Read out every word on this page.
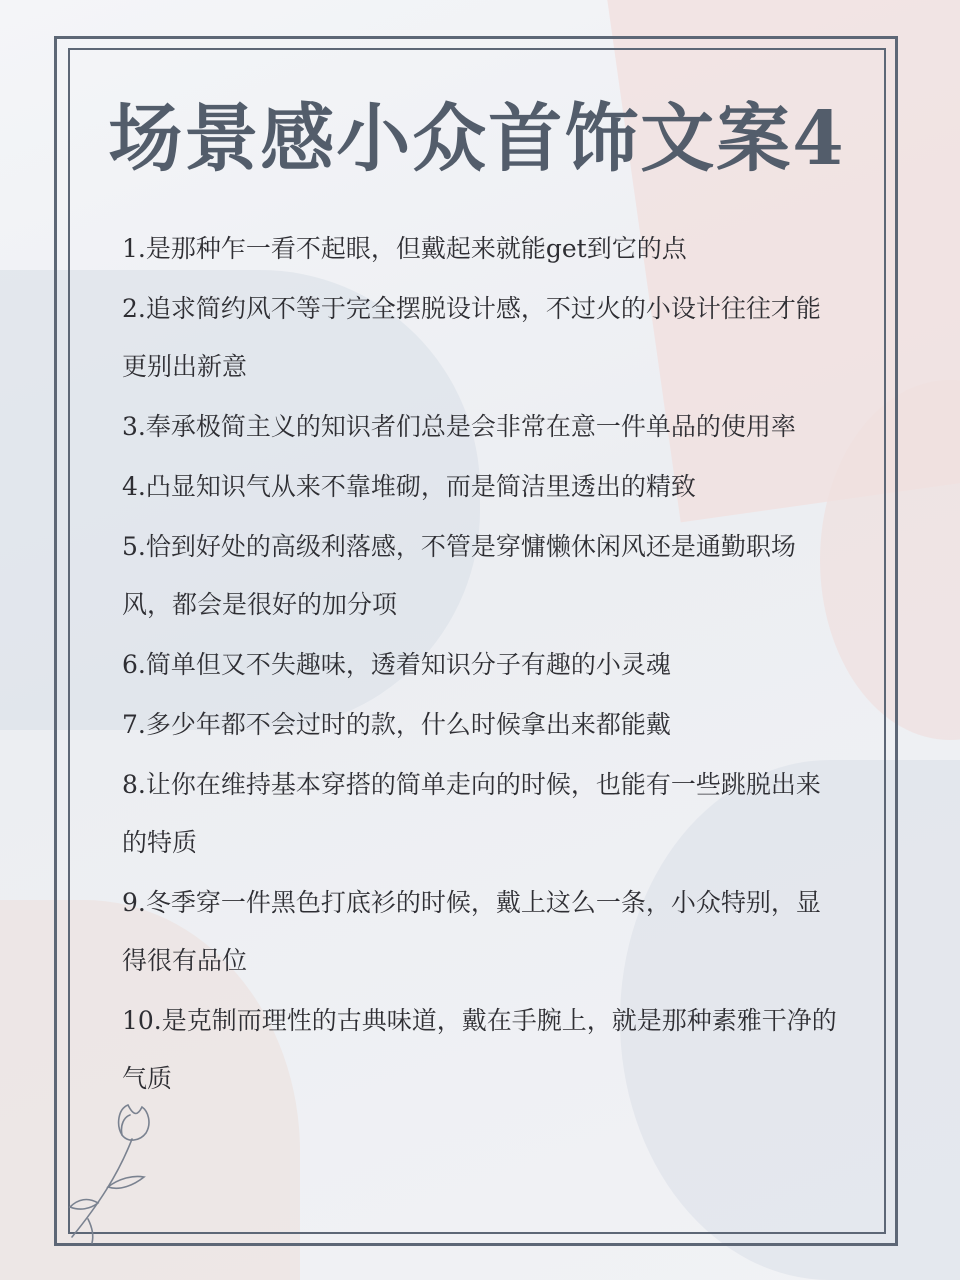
场景感小众首饰文案4
1.是那种乍一看不起眼，但戴起来就能get到它的点
2.追求简约风不等于完全摆脱设计感，不过火的小设计往往才能更别出新意
3.奉承极简主义的知识者们总是会非常在意一件单品的使用率
4.凸显知识气从来不靠堆砌，而是简洁里透出的精致
5.恰到好处的高级利落感，不管是穿慵懒休闲风还是通勤职场风，都会是很好的加分项
6.简单但又不失趣味，透着知识分子有趣的小灵魂
7.多少年都不会过时的款，什么时候拿出来都能戴
8.让你在维持基本穿搭的简单走向的时候，也能有一些跳脱出来的特质
9.冬季穿一件黑色打底衫的时候，戴上这么一条，小众特别，显得很有品位
10.是克制而理性的古典味道，戴在手腕上，就是那种素雅干净的气质
